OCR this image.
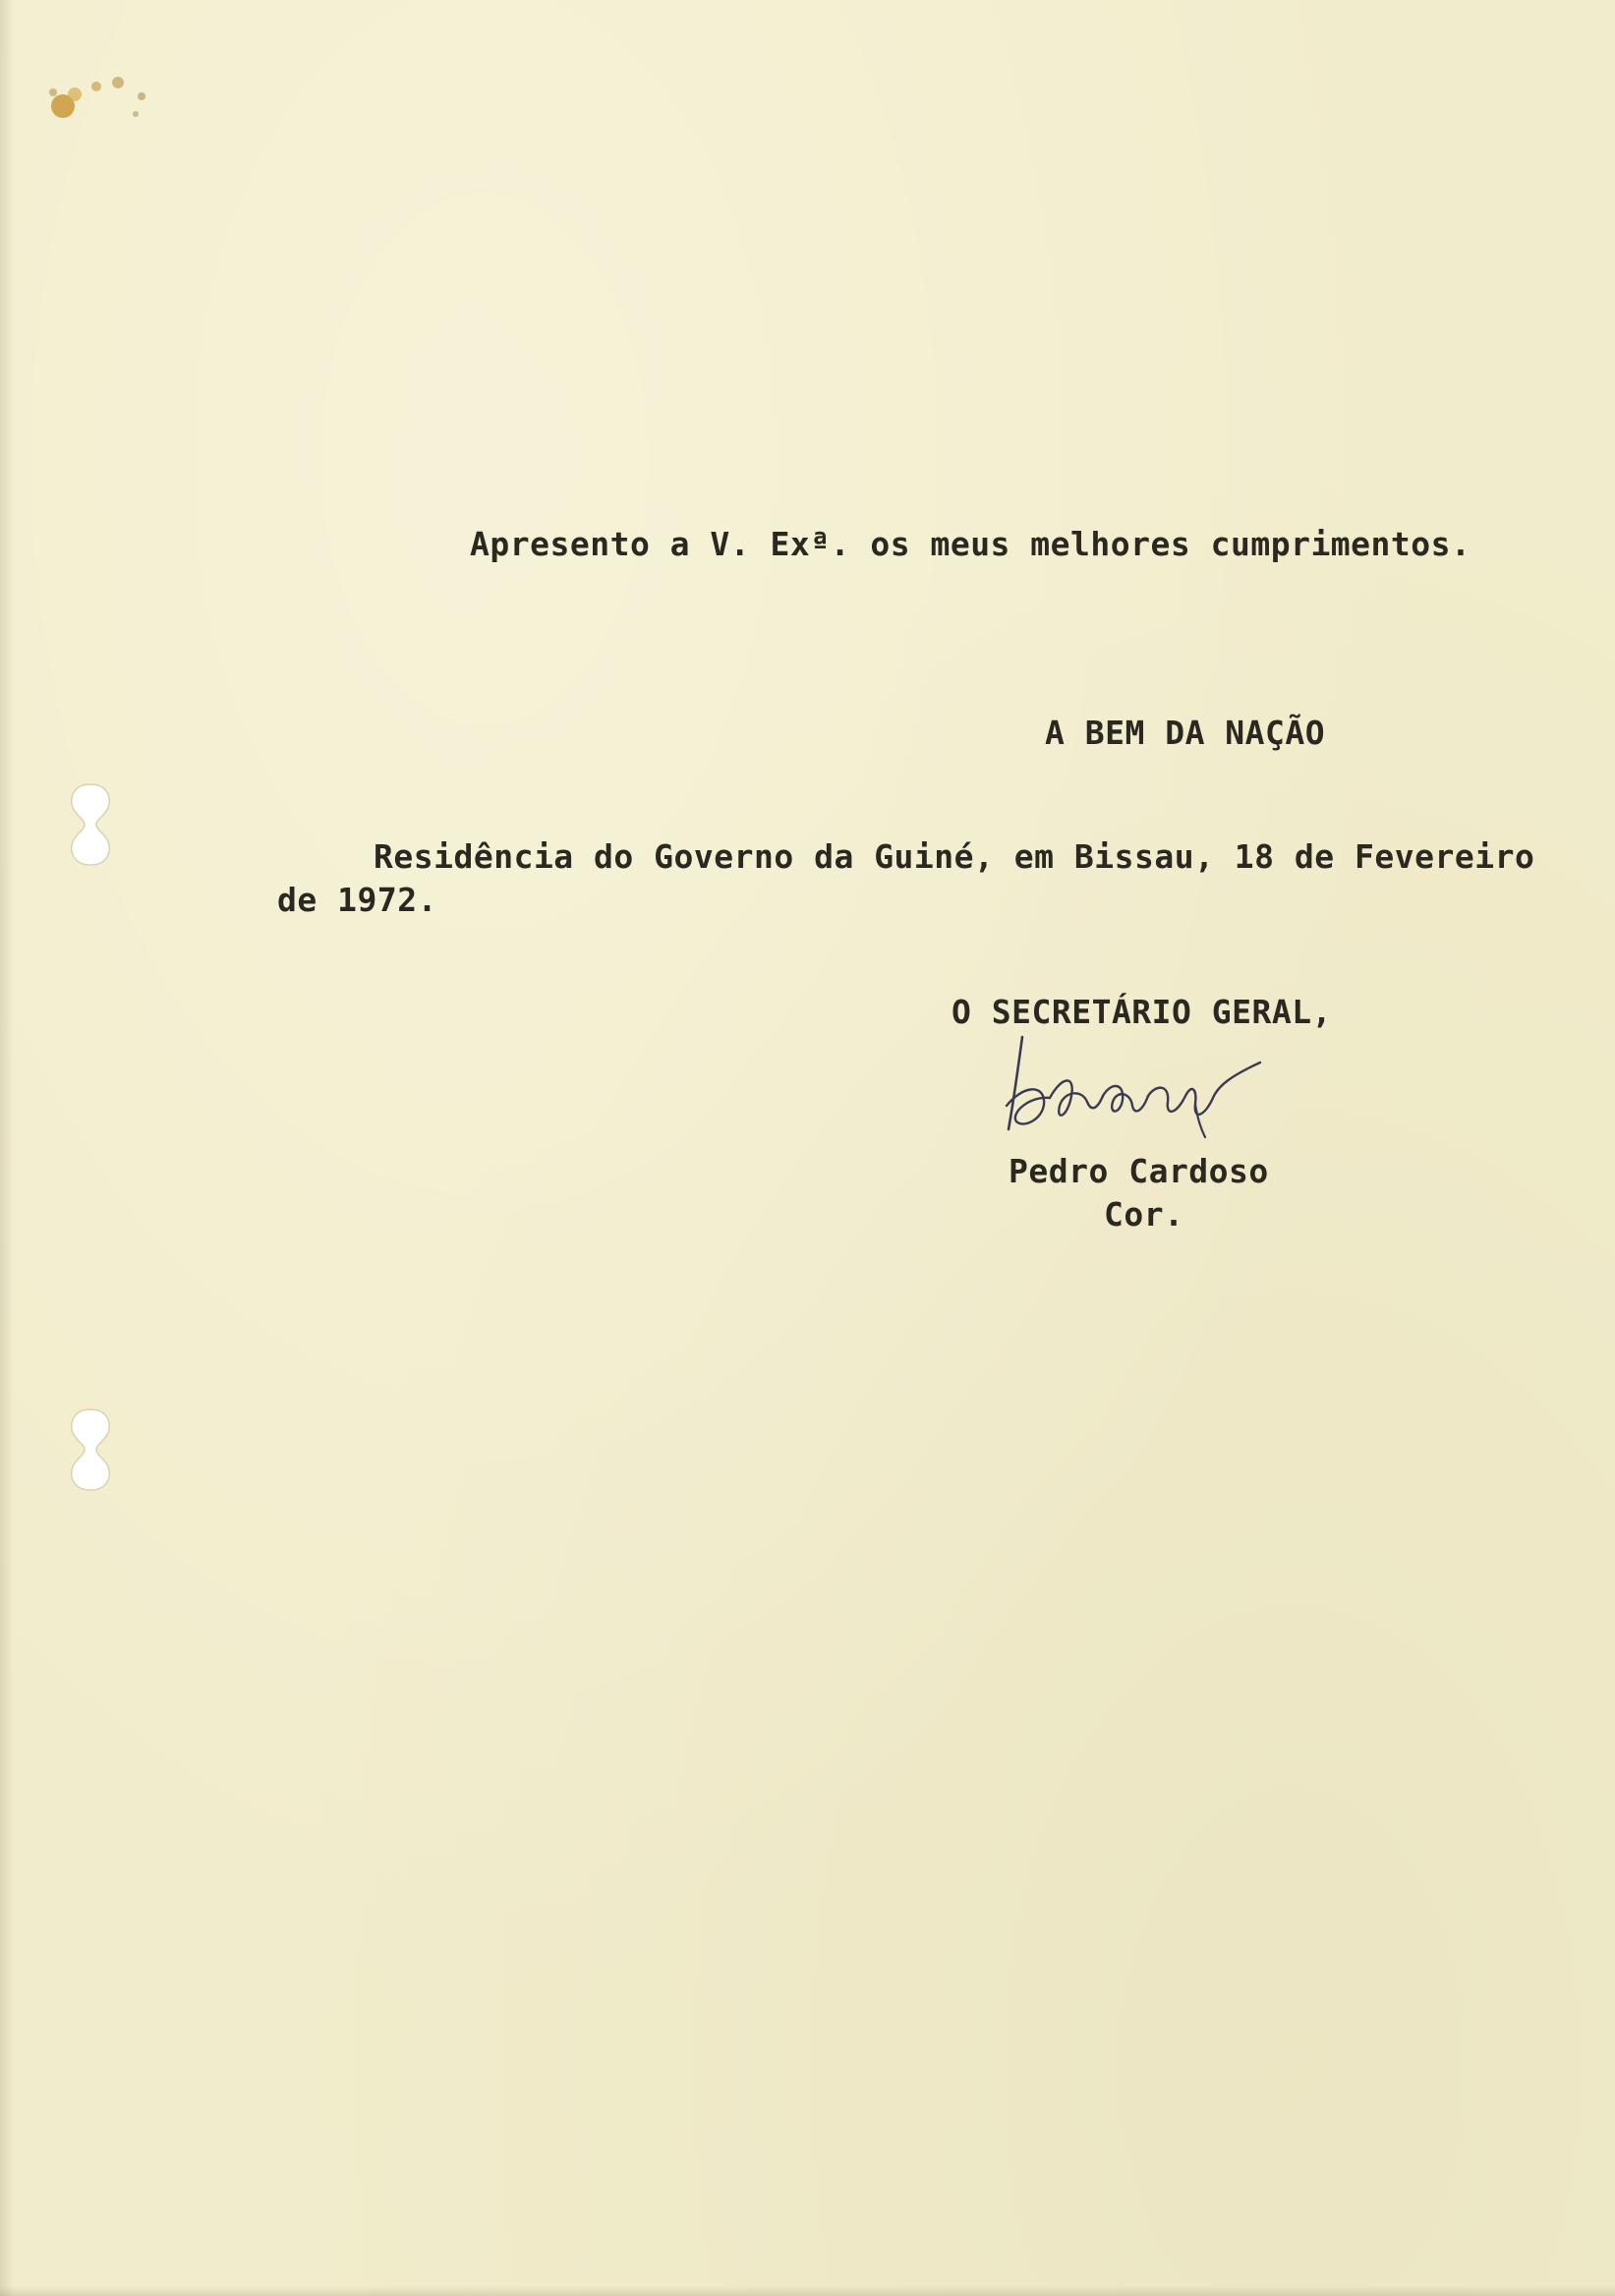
Apresento a V. Exª. os meus melhores cumprimentos.
A BEM DA NAÇÃO
Residência do Governo da Guiné, em Bissau, 18 de Fevereiro
de 1972.
O SECRETÁRIO GERAL,
Pedro Cardoso
Cor.
